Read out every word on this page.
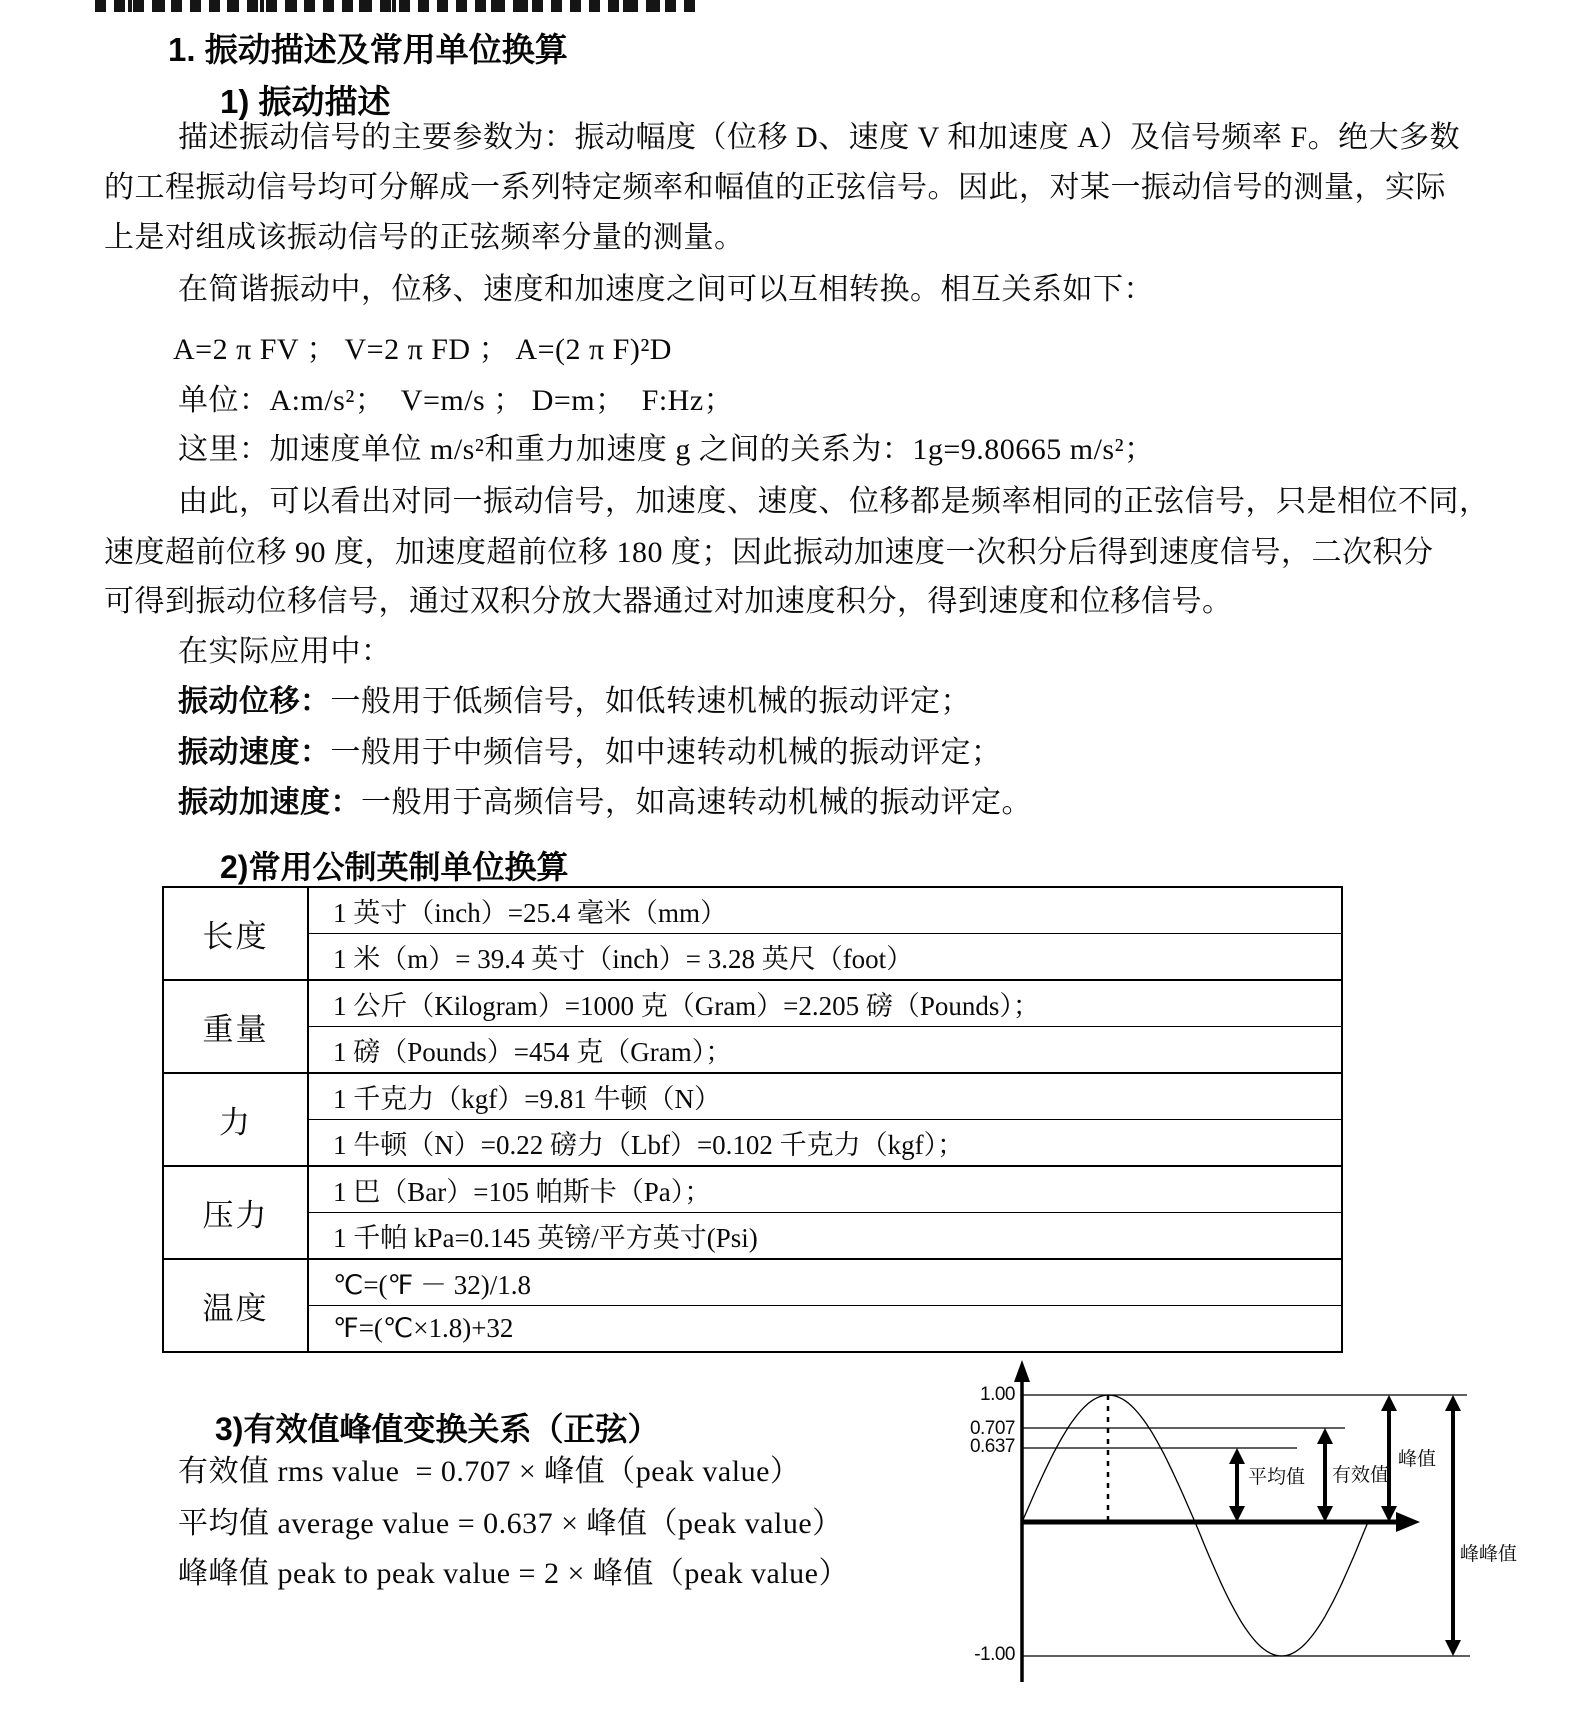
1. 振动描述及常用单位换算
1) 振动描述
描述振动信号的主要参数为：振动幅度（位移 D、速度 V 和加速度 A）及信号频率 F。绝大多数
的工程振动信号均可分解成一系列特定频率和幅值的正弦信号。因此，对某一振动信号的测量，实际
上是对组成该振动信号的正弦频率分量的测量。
在简谐振动中，位移、速度和加速度之间可以互相转换。相互关系如下：
A=2 π FV ； V=2 π FD ； A=(2 π F)²D
单位：A:m/s²；  V=m/s ； D=m；  F:Hz；
这里：加速度单位 m/s²和重力加速度 g 之间的关系为：1g=9.80665 m/s²；
由此，可以看出对同一振动信号，加速度、速度、位移都是频率相同的正弦信号，只是相位不同，
速度超前位移 90 度，加速度超前位移 180 度；因此振动加速度一次积分后得到速度信号，二次积分
可得到振动位移信号，通过双积分放大器通过对加速度积分，得到速度和位移信号。
在实际应用中：
振动位移：一般用于低频信号，如低转速机械的振动评定；
振动速度：一般用于中频信号，如中速转动机械的振动评定；
振动加速度：一般用于高频信号，如高速转动机械的振动评定。
2)常用公制英制单位换算
长度
1 英寸（inch）=25.4 毫米（mm）
1 米（m）= 39.4 英寸（inch）= 3.28 英尺（foot）
重量
1 公斤（Kilogram）=1000 克（Gram）=2.205 磅（Pounds）；
1 磅（Pounds）=454 克（Gram）；
力
1 千克力（kgf）=9.81 牛顿（N）
1 牛顿（N）=0.22 磅力（Lbf）=0.102 千克力（kgf）；
压力
1 巴（Bar）=105 帕斯卡（Pa）；
1 千帕 kPa=0.145 英镑/平方英寸(Psi)
温度
℃=(℉ － 32)/1.8
℉=(℃×1.8)+32
3)有效值峰值变换关系（正弦）
有效值 rms value  = 0.707 × 峰值（peak value）
平均值 average value = 0.637 × 峰值（peak value）
峰峰值 peak to peak value = 2 × 峰值（peak value）
1.00
0.707
0.637
-1.00
平均值 有效值
峰值
峰峰值
